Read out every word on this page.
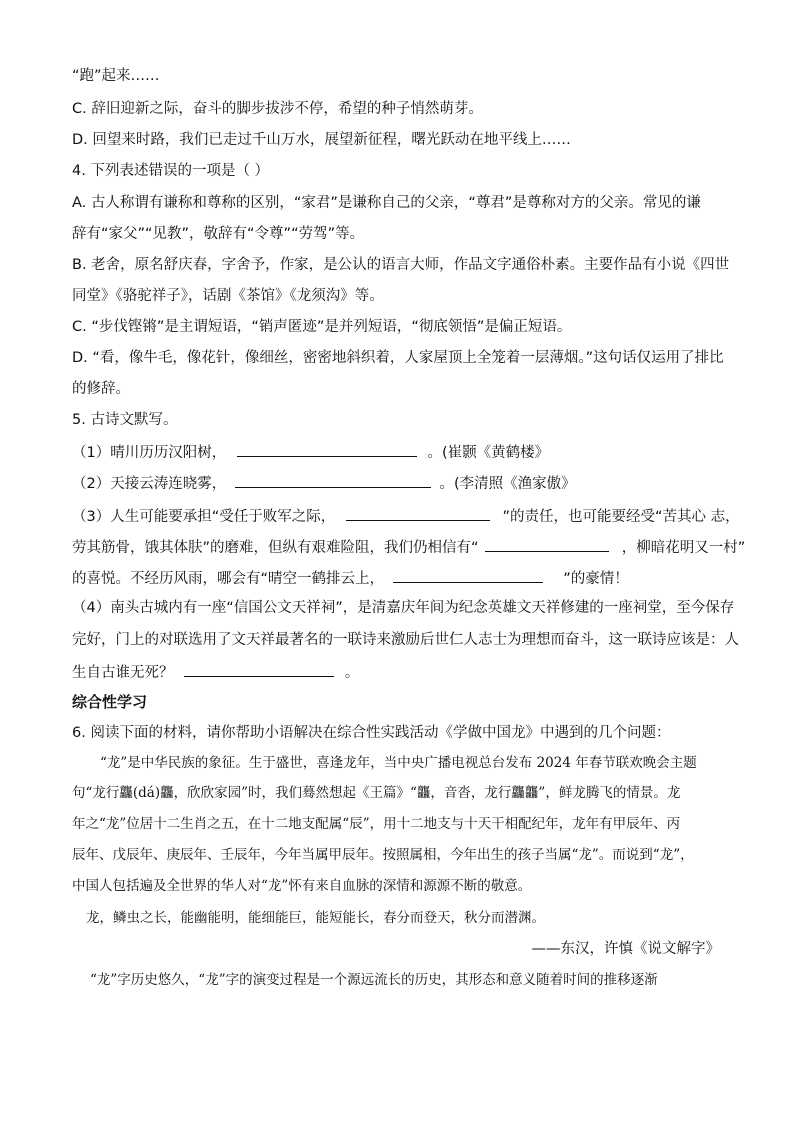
“跑”起来……
C. 辞旧迎新之际，奋斗的脚步拔涉不停，希望的种子悄然萌芽。
D. 回望来时路，我们已走过千山万水，展望新征程，曙光跃动在地平线上……
4. 下列表述错误的一项是（ ）
A. 古人称谓有谦称和尊称的区别，“家君”是谦称自己的父亲，“尊君”是尊称对方的父亲。常见的谦
辞有“家父”“见教”，敬辞有“令尊”“劳驾”等。
B. 老舍，原名舒庆春，字舍予，作家，是公认的语言大师，作品文字通俗朴素。主要作品有小说《四世
同堂》《骆驼祥子》，话剧《茶馆》《龙须沟》等。
C. “步伐铿锵”是主谓短语，“销声匿迹”是并列短语，“彻底领悟”是偏正短语。
D. “看，像牛毛，像花针，像细丝，密密地斜织着，人家屋顶上全笼着一层薄烟。”这句话仅运用了排比
的修辞。
5. 古诗文默写。
（1）晴川历历汉阳树，	。(崔颢《黄鹤楼》
（2）天接云涛连晓雾，	。(李清照《渔家傲》
（3）人生可能要承担“受任于败军之际，	”的责任，也可能要经受“苦其心 志，
劳其筋骨，饿其体肤”的磨难，但纵有艰难险阻，我们仍相信有“	，柳暗花明又一村”
的喜悦。不经历风雨，哪会有“晴空一鹤排云上，	”的豪情！
（4）南头古城内有一座“信国公文天祥祠”，是清嘉庆年间为纪念英雄文天祥修建的一座祠堂，至今保存
完好，门上的对联选用了文天祥最著名的一联诗来激励后世仁人志士为理想而奋斗，这一联诗应该是：人
生自古谁无死？	。
综合性学习
6. 阅读下面的材料，请你帮助小语解决在综合性实践活动《学做中国龙》中遇到的几个问题：
“龙”是中华民族的象征。生于盛世，喜逢龙年，当中央广播电视总台发布 2024 年春节联欢晚会主题
句“龙行龘(dá)龘，欣欣家园”时，我们蓦然想起《王篇》“龘，音沓，龙行龘龘”，鲜龙腾飞的情景。龙
年之“龙”位居十二生肖之五，在十二地支配属“辰”，用十二地支与十天干相配纪年，龙年有甲辰年、丙
辰年、戊辰年、庚辰年、壬辰年，今年当属甲辰年。按照属相，今年出生的孩子当属“龙”。而说到“龙”，
中国人包括遍及全世界的华人对“龙”怀有来自血脉的深情和源源不断的敬意。
龙，鳞虫之长，能幽能明，能细能巨，能短能长，春分而登天，秋分而潜渊。
——东汉，许慎《说文解字》
“龙”字历史悠久，“龙”字的演变过程是一个源远流长的历史，其形态和意义随着时间的推移逐渐
